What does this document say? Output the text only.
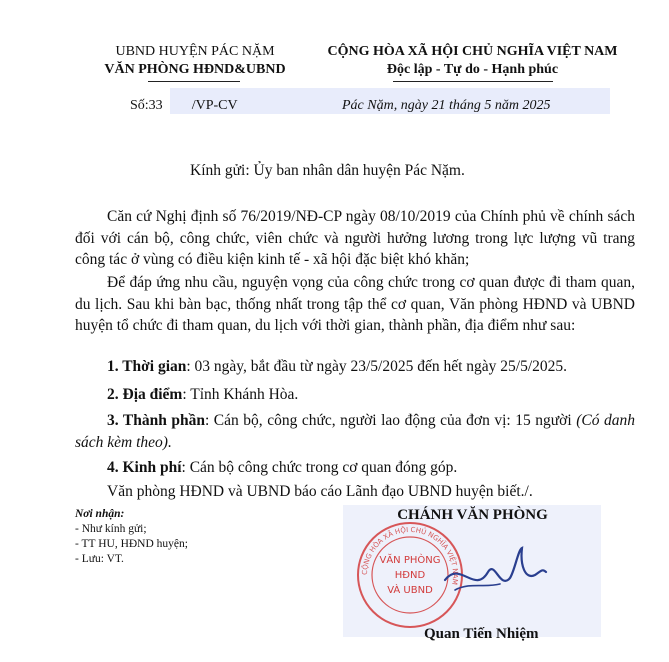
UBND HUYỆN PÁC NẶM
VĂN PHÒNG HĐND&UBND
CỘNG HÒA XÃ HỘI CHỦ NGHĨA VIỆT NAM
Độc lập - Tự do - Hạnh phúc
Số:33 /VP-CV	Pác Nặm, ngày 21 tháng 5 năm 2025
Kính gửi: Ủy ban nhân dân huyện Pác Nặm.
Căn cứ Nghị định số 76/2019/NĐ-CP ngày 08/10/2019 của Chính phủ về chính sách đối với cán bộ, công chức, viên chức và người hưởng lương trong lực lượng vũ trang công tác ở vùng có điều kiện kinh tế - xã hội đặc biệt khó khăn;
Để đáp ứng nhu cầu, nguyện vọng của công chức trong cơ quan được đi tham quan, du lịch. Sau khi bàn bạc, thống nhất trong tập thể cơ quan, Văn phòng HĐND và UBND huyện tổ chức đi tham quan, du lịch với thời gian, thành phần, địa điểm như sau:
1. Thời gian: 03 ngày, bắt đầu từ ngày 23/5/2025 đến hết ngày 25/5/2025.
2. Địa điểm: Tỉnh Khánh Hòa.
3. Thành phần: Cán bộ, công chức, người lao động của đơn vị: 15 người (Có danh sách kèm theo).
4. Kinh phí: Cán bộ công chức trong cơ quan đóng góp.
Văn phòng HĐND và UBND báo cáo Lãnh đạo UBND huyện biết./.
Nơi nhận:
- Như kính gửi;
- TT HU, HĐND huyện;
- Lưu: VT.
CHÁNH VĂN PHÒNG
CỘNG HÒA XÃ HỘI CHỦ NGHĨA VIỆT NAM
VĂN PHÒNG
HĐND
VÀ UBND
Quan Tiến Nhiệm
